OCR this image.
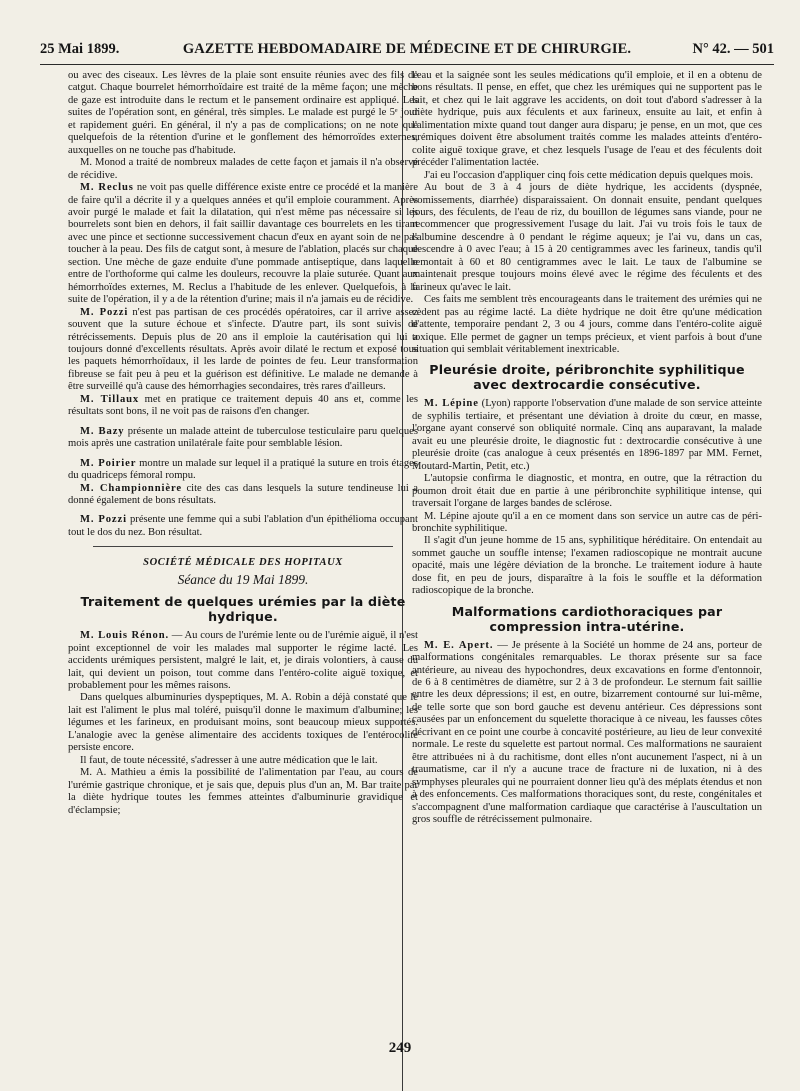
25 Mai 1899.	GAZETTE HEBDOMADAIRE DE MÉDECINE ET DE CHIRURGIE.	N° 42. — 501

ou avec des ciseaux. Les lèvres de la plaie sont ensuite réunies avec des fils de catgut. Chaque bourrelet hémorrhoïdaire est traité de la même façon; une mèche de gaze est introduite dans le rectum et le pansement ordinaire est appliqué. Les suites de l'opération sont, en général, très simples. Le malade est purgé le 5ᵉ jour et rapidement guéri. En général, il n'y a pas de complications; on ne note que quelquefois de la rétention d'urine et le gonflement des hémorroïdes externes, auxquelles on ne touche pas d'habitude.

M. Monod a traité de nombreux malades de cette façon et jamais il n'a observé de récidive.

M. Reclus ne voit pas quelle différence existe entre ce procédé et la manière de faire qu'il a décrite il y a quelques années et qu'il emploie couramment. Après avoir purgé le malade et fait la dilatation, qui n'est même pas nécessaire si les bourrelets sont bien en dehors, il fait saillir davantage ces bourrelets en les tirant avec une pince et sectionne successivement chacun d'eux en ayant soin de ne pas toucher à la peau. Des fils de catgut sont, à mesure de l'ablation, placés sur chaque section. Une mèche de gaze enduite d'une pommade antiseptique, dans laquelle entre de l'orthoforme qui calme les douleurs, recouvre la plaie suturée. Quant aux hémorrhoïdes externes, M. Reclus a l'habitude de les enlever. Quelquefois, à la suite de l'opération, il y a de la rétention d'urine; mais il n'a jamais eu de récidive.

M. Pozzi n'est pas partisan de ces procédés opératoires, car il arrive assez souvent que la suture échoue et s'infecte. D'autre part, ils sont suivis de rétrécissements. Depuis plus de 20 ans il emploie la cautérisation qui lui a toujours donné d'excellents résultats. Après avoir dilaté le rectum et exposé tous les paquets hémorrhoïdaux, il les larde de pointes de feu. Leur transformation fibreuse se fait peu à peu et la guérison est définitive. Le malade ne demande à être surveillé qu'à cause des hémorrhagies secondaires, très rares d'ailleurs.

M. Tillaux met en pratique ce traitement depuis 40 ans et, comme les résultats sont bons, il ne voit pas de raisons d'en changer.

M. Bazy présente un malade atteint de tuberculose testiculaire paru quelques mois après une castration unilatérale faite pour semblable lésion.

M. Poirier montre un malade sur lequel il a pratiqué la suture en trois étages du quadriceps fémoral rompu.

M. Championnière cite des cas dans lesquels la suture tendineuse lui a donné également de bons résultats.

M. Pozzi présente une femme qui a subi l'ablation d'un épithélioma occupant tout le dos du nez. Bon résultat.

SOCIÉTÉ MÉDICALE DES HOPITAUX
Séance du 19 Mai 1899.
Traitement de quelques urémies par la diète hydrique.

M. Louis Rénon. — Au cours de l'urémie lente ou de l'urémie aiguë, il n'est point exceptionnel de voir les malades mal supporter le régime lacté. Les accidents urémiques persistent, malgré le lait, et, je dirais volontiers, à cause du lait, qui devient un poison, tout comme dans l'entéro-colite aiguë toxique, et probablement pour les mêmes raisons.

Dans quelques albuminuries dyspeptiques, M. A. Robin a déjà constaté que le lait est l'aliment le plus mal toléré, puisqu'il donne le maximum d'albumine; les légumes et les farineux, en produisant moins, sont beaucoup mieux supportés. L'analogie avec la genèse alimentaire des accidents toxiques de l'entérocolite persiste encore.

Il faut, de toute nécessité, s'adresser à une autre médication que le lait.

M. A. Mathieu a émis la possibilité de l'alimentation par l'eau, au cours de l'urémie gastrique chronique, et je sais que, depuis plus d'un an, M. Bar traite par la diète hydrique toutes les femmes atteintes d'albuminurie gravidique et d'éclampsie;

l'eau et la saignée sont les seules médications qu'il emploie, et il en a obtenu de bons résultats. Il pense, en effet, que chez les urémiques qui ne supportent pas le lait, et chez qui le lait aggrave les accidents, on doit tout d'abord s'adresser à la diète hydrique, puis aux féculents et aux farineux, ensuite au lait, et enfin à l'alimentation mixte quand tout danger aura disparu; je pense, en un mot, que ces urémiques doivent être absolument traités comme les malades atteints d'entéro-colite aiguë toxique grave, et chez lesquels l'usage de l'eau et des féculents doit précéder l'alimentation lactée.

J'ai eu l'occasion d'appliquer cinq fois cette médication depuis quelques mois.

Au bout de 3 à 4 jours de diète hydrique, les accidents (dyspnée, vomissements, diarrhée) disparaissaient. On donnait ensuite, pendant quelques jours, des féculents, de l'eau de riz, du bouillon de légumes sans viande, pour ne recommencer que progressivement l'usage du lait. J'ai vu trois fois le taux de l'albumine descendre à 0 pendant le régime aqueux; je l'ai vu, dans un cas, descendre à 0 avec l'eau; à 15 à 20 centigrammes avec les farineux, tandis qu'il remontait à 60 et 80 centigrammes avec le lait. Le taux de l'albumine se maintenait presque toujours moins élevé avec le régime des féculents et des farineux qu'avec le lait.

Ces faits me semblent très encourageants dans le traitement des urémies qui ne cèdent pas au régime lacté. La diète hydrique ne doit être qu'une médication d'attente, temporaire pendant 2, 3 ou 4 jours, comme dans l'entéro-colite aiguë toxique. Elle permet de gagner un temps précieux, et vient parfois à bout d'une situation qui semblait véritablement inextricable.

Pleurésie droite, péribronchite syphilitique avec dextrocardie consécutive.

M. Lépine (Lyon) rapporte l'observation d'une malade de son service atteinte de syphilis tertiaire, et présentant une déviation à droite du cœur, en masse, l'organe ayant conservé son obliquité normale. Cinq ans auparavant, la malade avait eu une pleurésie droite, le diagnostic fut : dextrocardie consécutive à une pleurésie droite (cas analogue à ceux présentés en 1896-1897 par MM. Fernet, Moutard-Martin, Petit, etc.)

L'autopsie confirma le diagnostic, et montra, en outre, que la rétraction du poumon droit était due en partie à une péribronchite syphilitique intense, qui traversait l'organe de larges bandes de sclérose.

M. Lépine ajoute qu'il a en ce moment dans son service un autre cas de péri-bronchite syphilitique.

Il s'agit d'un jeune homme de 15 ans, syphilitique héréditaire. On entendait au sommet gauche un souffle intense; l'examen radioscopique ne montrait aucune opacité, mais une légère déviation de la bronche. Le traitement iodure à haute dose fit, en peu de jours, disparaître à la fois le souffle et la déformation radioscopique de la bronche.

Malformations cardiothoraciques par compression intra-utérine.

M. E. Apert. — Je présente à la Société un homme de 24 ans, porteur de malformations congénitales remarquables. Le thorax présente sur sa face antérieure, au niveau des hypochondres, deux excavations en forme d'entonnoir, de 6 à 8 centimètres de diamètre, sur 2 à 3 de profondeur. Le sternum fait saillie entre les deux dépressions; il est, en outre, bizarrement contourné sur lui-même, de telle sorte que son bord gauche est devenu antérieur. Ces dépressions sont causées par un enfoncement du squelette thoracique à ce niveau, les fausses côtes décrivant en ce point une courbe à concavité postérieure, au lieu de leur convexité normale. Le reste du squelette est partout normal. Ces malformations ne sauraient être attribuées ni à du rachitisme, dont elles n'ont aucunement l'aspect, ni à un traumatisme, car il n'y a aucune trace de fracture ni de luxation, ni à des symphyses pleurales qui ne pourraient donner lieu qu'à des méplats étendus et non à des enfoncements. Ces malformations thoraciques sont, du reste, congénitales et s'accompagnent d'une malformation cardiaque que caractérise à l'auscultation un gros souffle de rétrécissement pulmonaire.

249
